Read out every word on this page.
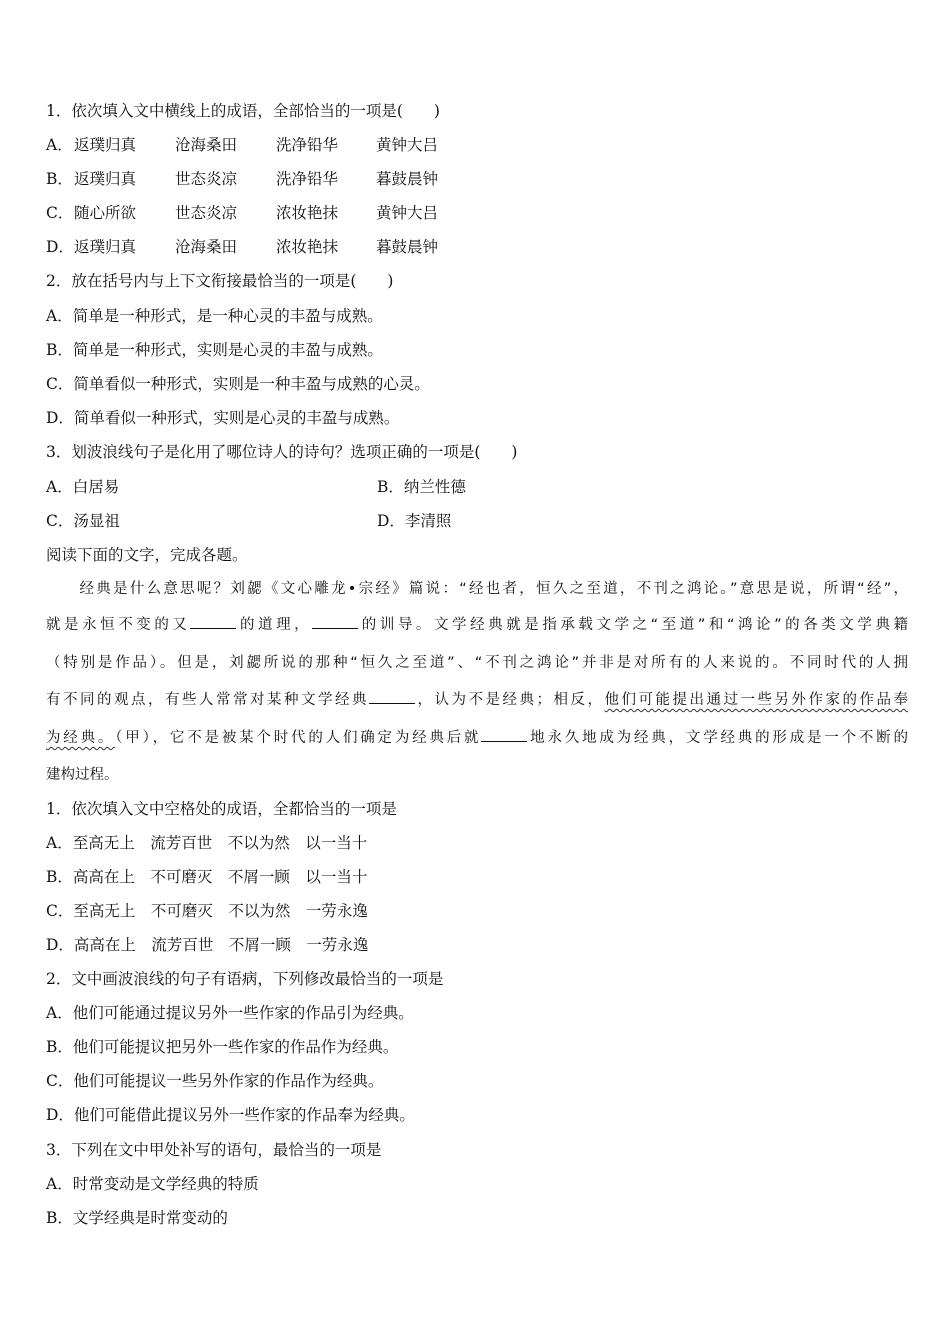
1．依次填入文中横线上的成语，全部恰当的一项是(　　)
A． 返璞归真	沧海桑田	洗净铅华 黄钟大吕
B． 返璞归真	世态炎凉	洗净铅华 暮鼓晨钟
C． 随心所欲	世态炎凉	浓妆艳抹 黄钟大吕
D． 返璞归真	沧海桑田	浓妆艳抹 暮鼓晨钟
2．放在括号内与上下文衔接最恰当的一项是(　　)
A．简单是一种形式，是一种心灵的丰盈与成熟。
B．简单是一种形式，实则是心灵的丰盈与成熟。
C．简单看似一种形式，实则是一种丰盈与成熟的心灵。
D．简单看似一种形式，实则是心灵的丰盈与成熟。
3．划波浪线句子是化用了哪位诗人的诗句？选项正确的一项是(　　)
A．白居易	B．纳兰性德
C．汤显祖	D．李清照
阅读下面的文字，完成各题。
　　经典是什么意思呢？刘勰《文心雕龙•宗经》篇说：“经也者，恒久之至道，不刊之鸿论。”意思是说，所谓“经”，
就是永恒不变的又	的道理，	的训导。文学经典就是指承载文学之“至道”和“鸿论”的各类文学典籍
（特别是作品）。但是，刘勰所说的那种“恒久之至道”、“不刊之鸿论”并非是对所有的人来说的。不同时代的人拥
有不同的观点，有些人常常对某种文学经典	，认为不是经典；相反，他们可能提出通过一些另外作家的作品奉
为经典。（甲），它不是被某个时代的人们确定为经典后就	地永久地成为经典，文学经典的形成是一个不断的
建构过程。
1．依次填入文中空格处的成语，全都恰当的一项是
A．至高无上　流芳百世　不以为然　以一当十
B．高高在上　不可磨灭　不屑一顾　以一当十
C．至高无上　不可磨灭　不以为然　一劳永逸
D．高高在上　流芳百世　不屑一顾　一劳永逸
2．文中画波浪线的句子有语病，下列修改最恰当的一项是
A．他们可能通过提议另外一些作家的作品引为经典。
B．他们可能提议把另外一些作家的作品作为经典。
C．他们可能提议一些另外作家的作品作为经典。
D．他们可能借此提议另外一些作家的作品奉为经典。
3．下列在文中甲处补写的语句，最恰当的一项是
A．时常变动是文学经典的特质
B．文学经典是时常变动的
